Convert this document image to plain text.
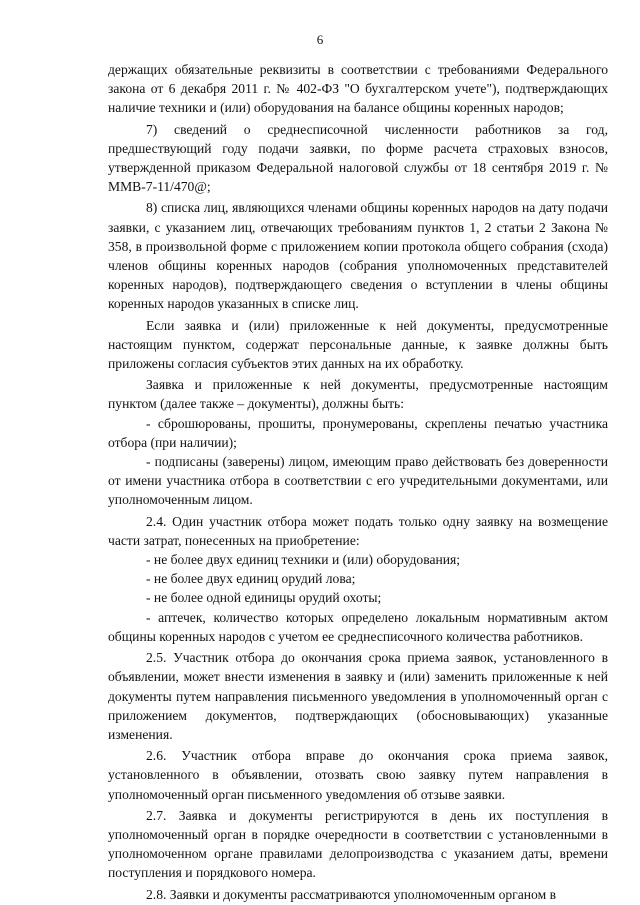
6

держащих обязательные реквизиты в соответствии с требованиями Федерального закона от 6 декабря 2011 г. № 402-ФЗ "О бухгалтерском учете"), подтверждающих наличие техники и (или) оборудования на балансе общины коренных народов;

7) сведений о среднесписочной численности работников за год, предшествующий году подачи заявки, по форме расчета страховых взносов, утвержденной приказом Федеральной налоговой службы от 18 сентября 2019 г. № ММВ-7-11/470@;

8) списка лиц, являющихся членами общины коренных народов на дату подачи заявки, с указанием лиц, отвечающих требованиям пунктов 1, 2 статьи 2 Закона № 358, в произвольной форме с приложением копии протокола общего собрания (схода) членов общины коренных народов (собрания уполномоченных представителей коренных народов), подтверждающего сведения о вступлении в члены общины коренных народов указанных в списке лиц.

Если заявка и (или) приложенные к ней документы, предусмотренные настоящим пунктом, содержат персональные данные, к заявке должны быть приложены согласия субъектов этих данных на их обработку.

Заявка и приложенные к ней документы, предусмотренные настоящим пунктом (далее также – документы), должны быть:

- сброшюрованы, прошиты, пронумерованы, скреплены печатью участника отбора (при наличии);

- подписаны (заверены) лицом, имеющим право действовать без доверенности от имени участника отбора в соответствии с его учредительными документами, или уполномоченным лицом.

2.4. Один участник отбора может подать только одну заявку на возмещение части затрат, понесенных на приобретение:

- не более двух единиц техники и (или) оборудования;

- не более двух единиц орудий лова;

- не более одной единицы орудий охоты;

- аптечек, количество которых определено локальным нормативным актом общины коренных народов с учетом ее среднесписочного количества работников.

2.5. Участник отбора до окончания срока приема заявок, установленного в объявлении, может внести изменения в заявку и (или) заменить приложенные к ней документы путем направления письменного уведомления в уполномоченный орган с приложением документов, подтверждающих (обосновывающих) указанные изменения.

2.6. Участник отбора вправе до окончания срока приема заявок, установленного в объявлении, отозвать свою заявку путем направления в уполномоченный орган письменного уведомления об отзыве заявки.

2.7. Заявка и документы регистрируются в день их поступления в уполномоченный орган в порядке очередности в соответствии с установленными в уполномоченном органе правилами делопроизводства с указанием даты, времени поступления и порядкового номера.

2.8. Заявки и документы рассматриваются уполномоченным органом в
